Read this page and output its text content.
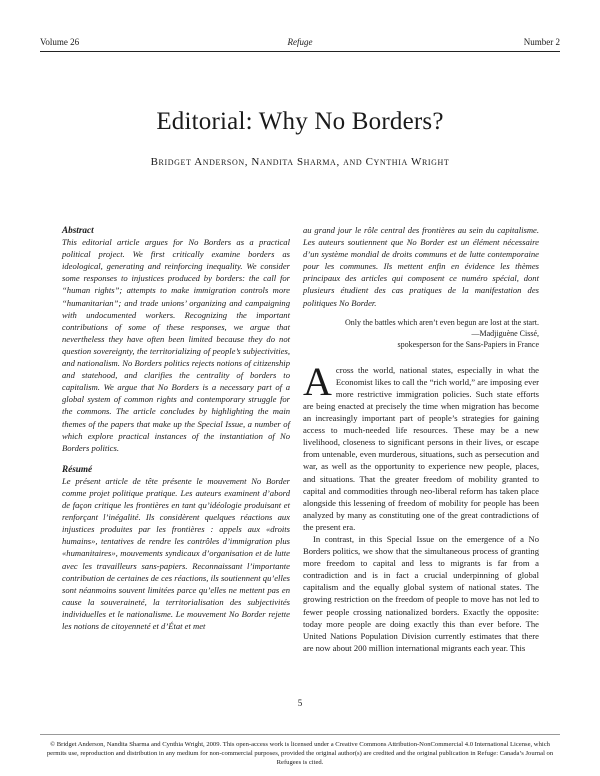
Volume 26	Refuge	Number 2
Editorial: Why No Borders?
Bridget Anderson, Nandita Sharma, and Cynthia Wright
Abstract

This editorial article argues for No Borders as a practical political project. We first critically examine borders as ideological, generating and reinforcing inequality. We consider some responses to injustices produced by borders: the call for “human rights”; attempts to make immigration controls more “humanitarian”; and trade unions’ organizing and campaigning with undocumented workers. Recognizing the important contributions of some of these responses, we argue that nevertheless they have often been limited because they do not question sovereignty, the territorializing of people’s subjectivities, and nationalism. No Borders politics rejects notions of citizenship and statehood, and clarifies the centrality of borders to capitalism. We argue that No Borders is a necessary part of a global system of common rights and contemporary struggle for the commons. The article concludes by highlighting the main themes of the papers that make up the Special Issue, a number of which explore practical instances of the instantiation of No Borders politics.

Résumé

Le présent article de tête présente le mouvement No Border comme projet politique pratique. Les auteurs examinent d’abord de façon critique les frontières en tant qu’idéologie produisant et renforçant l’inégalité. Ils considèrent quelques réactions aux injustices produites par les frontières : appels aux «droits humains», tentatives de rendre les contrôles d’immigration plus «humanitaires», mouvements syndicaux d’organisation et de lutte avec les travailleurs sans-papiers. Reconnaissant l’importante contribution de certaines de ces réactions, ils soutiennent qu’elles sont néanmoins souvent limitées parce qu’elles ne mettent pas en cause la souveraineté, la territorialisation des subjectivités individuelles et le nationalisme. Le mouvement No Border rejette les notions de citoyenneté et d’État et met

au grand jour le rôle central des frontières au sein du capitalisme. Les auteurs soutiennent que No Border est un élément nécessaire d’un système mondial de droits communs et de lutte contemporaine pour les communes. Ils mettent enfin en évidence les thèmes principaux des articles qui composent ce numéro spécial, dont plusieurs étudient des cas pratiques de la manifestation des politiques No Border.

Only the battles which aren’t even begun are lost at the start.
—Madjiguène Cissé,
spokesperson for the Sans-Papiers in France

Across the world, national states, especially in what the Economist likes to call the “rich world,” are imposing ever more restrictive immigration policies. Such state efforts are being enacted at precisely the time when migration has become an increasingly important part of people’s strategies for gaining access to much-needed life resources. These may be a new livelihood, closeness to significant persons in their lives, or escape from untenable, even murderous, situations, such as persecution and war, as well as the opportunity to experience new people, places, and situations. That the greater freedom of mobility granted to capital and commodities through neo-liberal reform has taken place alongside this lessening of freedom of mobility for people has been analyzed by many as constituting one of the great contradictions of the present era.

In contrast, in this Special Issue on the emergence of a No Borders politics, we show that the simultaneous process of granting more freedom to capital and less to migrants is far from a contradiction and is in fact a crucial underpinning of global capitalism and the equally global system of national states. The growing restriction on the freedom of people to move has not led to fewer people crossing nationalized borders. Exactly the opposite: today more people are doing exactly this than ever before. The United Nations Population Division currently estimates that there are now about 200 million international migrants each year. This

5
© Bridget Anderson, Nandita Sharma and Cynthia Wright, 2009. This open-access work is licensed under a Creative Commons Attribution-NonCommercial 4.0 International License, which permits use, reproduction and distribution in any medium for non-commercial purposes, provided the original author(s) are credited and the original publication in Refuge: Canada’s Journal on Refugees is cited.
